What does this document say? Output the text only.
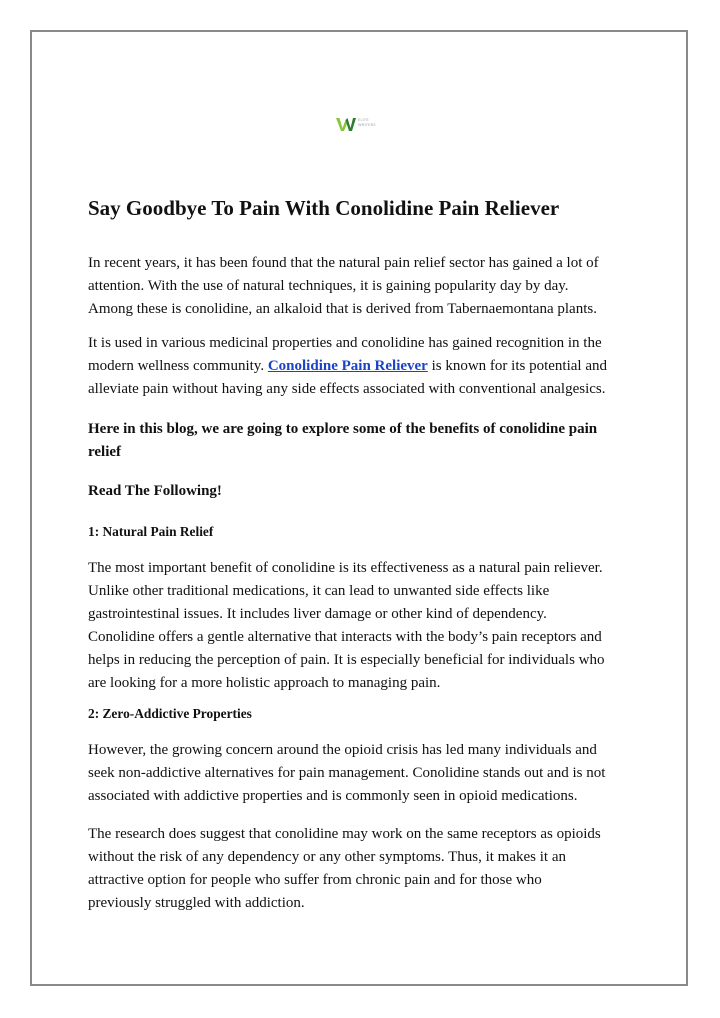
ELITE
WRITERS
Say Goodbye To Pain With Conolidine Pain Reliever
In recent years, it has been found that the natural pain relief sector has gained a lot of
attention. With the use of natural techniques, it is gaining popularity day by day.
Among these is conolidine, an alkaloid that is derived from Tabernaemontana plants.
It is used in various medicinal properties and conolidine has gained recognition in the
modern wellness community. Conolidine Pain Reliever is known for its potential and
alleviate pain without having any side effects associated with conventional analgesics.
Here in this blog, we are going to explore some of the benefits of conolidine pain
relief
Read The Following!
1: Natural Pain Relief
The most important benefit of conolidine is its effectiveness as a natural pain reliever.
Unlike other traditional medications, it can lead to unwanted side effects like
gastrointestinal issues. It includes liver damage or other kind of dependency.
Conolidine offers a gentle alternative that interacts with the body’s pain receptors and
helps in reducing the perception of pain. It is especially beneficial for individuals who
are looking for a more holistic approach to managing pain.
2: Zero-Addictive Properties
However, the growing concern around the opioid crisis has led many individuals and
seek non-addictive alternatives for pain management. Conolidine stands out and is not
associated with addictive properties and is commonly seen in opioid medications.
The research does suggest that conolidine may work on the same receptors as opioids
without the risk of any dependency or any other symptoms. Thus, it makes it an
attractive option for people who suffer from chronic pain and for those who
previously struggled with addiction.
